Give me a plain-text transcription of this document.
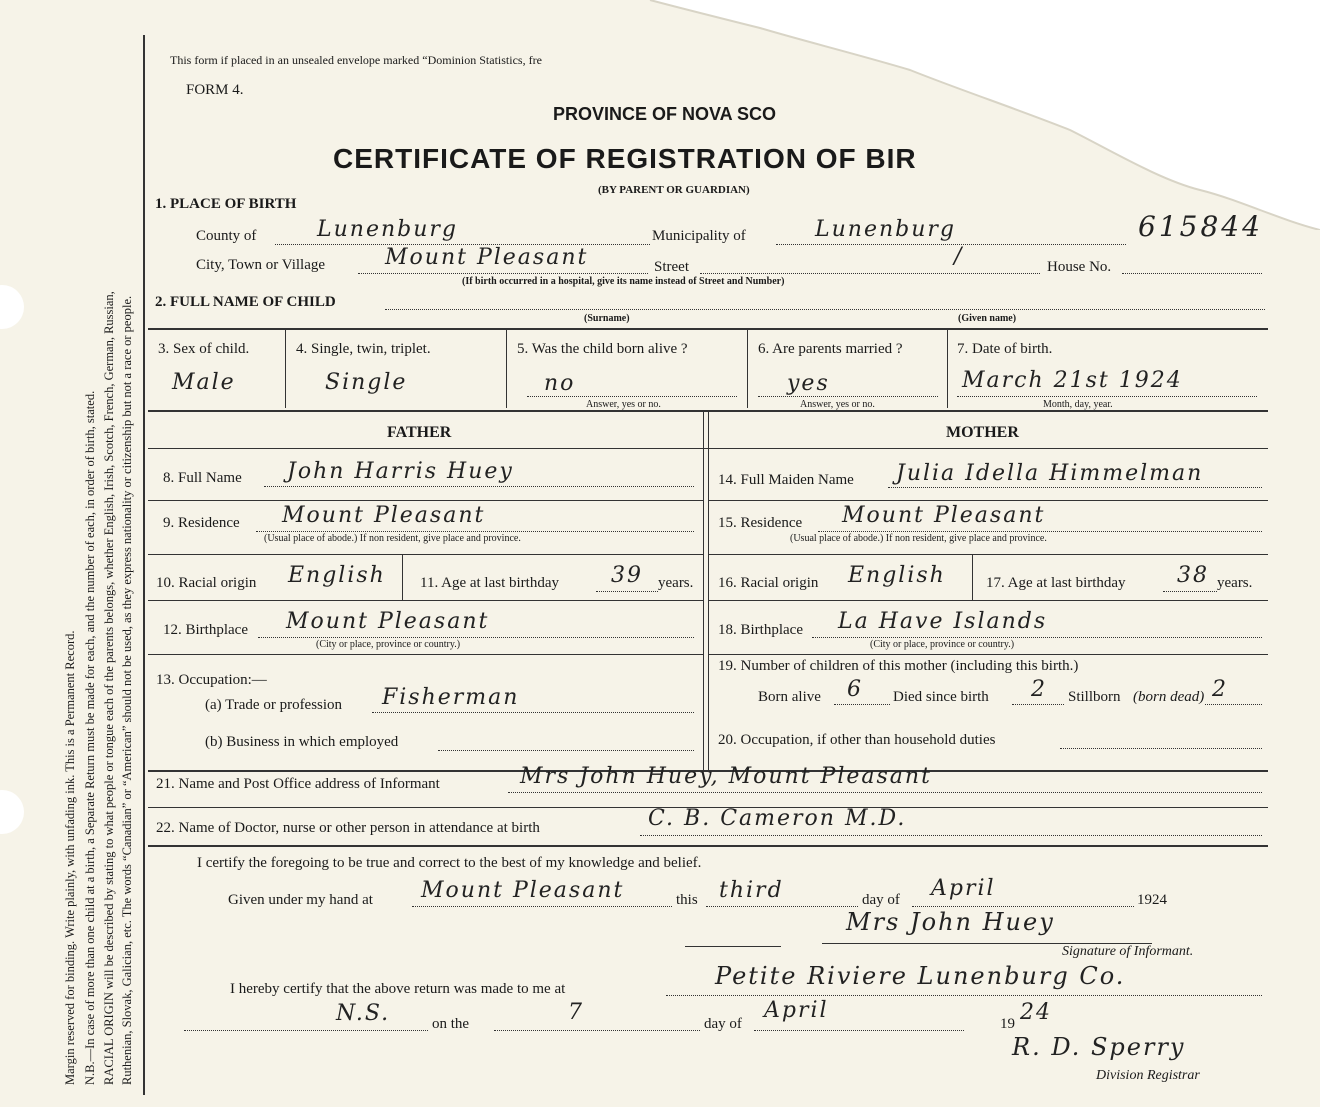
Margin reserved for binding. Write plainly, with unfading ink. This is a Permanent Record. N.B.—In case of more than one child at a birth, a Separate Return must be made for each, and the number of each, in order of birth, stated. RACIAL ORIGIN will be described by stating to what people or tongue each of the parents belongs, whether English, Irish, Scotch, French, German, Russian, Ruthenian, Slovak, Galician, etc. The words “Canadian” or “American” should not be used, as they express nationality or citizenship but not a race or people.
This form if placed in an unsealed envelope marked “Dominion Statistics, fre
FORM 4.
PROVINCE OF NOVA SCO
CERTIFICATE OF REGISTRATION OF BIR
(BY PARENT OR GUARDIAN)
615844
1. PLACE OF BIRTH
County of	Lunenburg	Municipality of	Lunenburg
City, Town or Village	Mount Pleasant	Street	/	House No.
(If birth occurred in a hospital, give its name instead of Street and Number)
2. FULL NAME OF CHILD
(Surname)	(Given name)
3. Sex of child.
Male
4. Single, twin, triplet.
Single
5. Was the child born alive ?
no
Answer, yes or no.
6. Are parents married ?
yes
Answer, yes or no.
7. Date of birth.
March 21st 1924
Month, day, year.
FATHER	MOTHER
8. Full Name John Harris Huey
9. Residence Mount Pleasant
(Usual place of abode.) If non resident, give place and province.
10. Racial origin English 11. Age at last birthday 39 years.
12. Birthplace Mount Pleasant
(City or place, province or country.)
13. Occupation:—
(a) Trade or profession Fisherman
(b) Business in which employed
14. Full Maiden Name Julia Idella Himmelman
15. Residence Mount Pleasant
(Usual place of abode.) If non resident, give place and province.
16. Racial origin English	17. Age at last birthday 38 years.
18. Birthplace La Have Islands
(City or place, province or country.)
19. Number of children of this mother (including this birth.)
Born alive 6 Died since birth 2 Stillborn (born dead) 2
20. Occupation, if other than household duties
21. Name and Post Office address of Informant	Mrs John Huey, Mount Pleasant
22. Name of Doctor, nurse or other person in attendance at birth	C. B. Cameron M.D.
I certify the foregoing to be true and correct to the best of my knowledge and belief.
Given under my hand at Mount Pleasant	this third	day of April	1924
Mrs John Huey
Signature of Informant.
I hereby certify that the above return was made to me at	Petite Riviere Lunenburg Co.
N.S.	on the	7	day of
April
19 24
R. D. Sperry
Division Registrar
